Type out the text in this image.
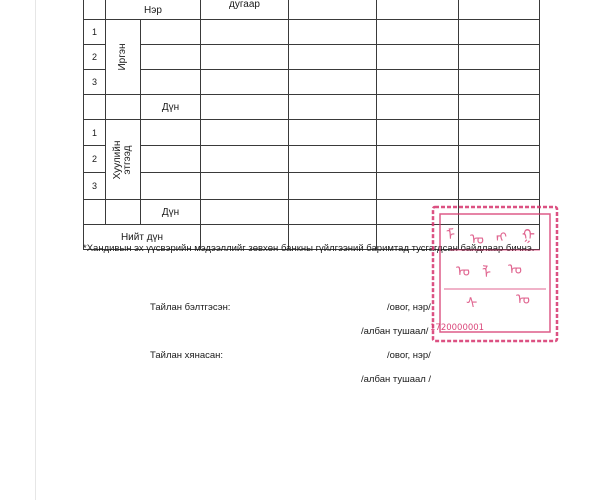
	Нэр		дугаар			

1	Иргэн					

2						
3						
		Дүн				
1	Хуулийн
этгээд					

2						
3						
		Дүн				
Нийт дүн						
*Хандивын эх үүсвэрийн мэдээллийг зөвхөн банкны гүйлгээний баримтад тусгагдсан байдлаар бичнэ.
Тайлан бэлтгэсэн:	/овог, нэр/
/албан тушаал/
Тайлан хянасан:	/овог, нэр/
/албан тушаал /
ᠮ ᠣ ᠩ ᠭ
ᠣ ᠯ ᠤ
ᠰ	ᠤ
1720000001
